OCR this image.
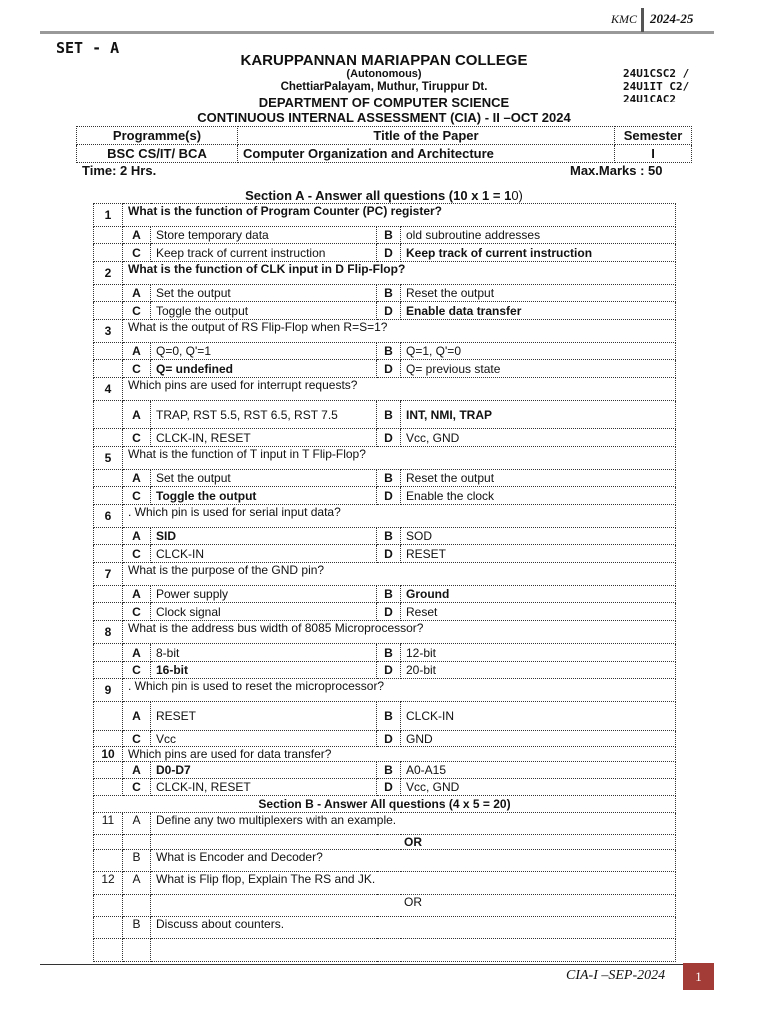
KMC 2024-25
SET - A
KARUPPANNAN MARIAPPAN COLLEGE
(Autonomous)
ChettiarPalayam, Muthur, Tiruppur Dt.
DEPARTMENT OF COMPUTER SCIENCE
CONTINUOUS INTERNAL ASSESSMENT (CIA) - II –OCT 2024
24U1CSC2 /
24U1IT C2/
24U1CAC2
Programme(s)	Title of the Paper	Semester
BSC CS/IT/ BCA	Computer Organization and Architecture	I
Time: 2 Hrs.	Max.Marks : 50
Section A - Answer all questions (10 x 1 = 10)
1	What is the function of Program Counter (PC) register?			
	A	Store temporary data	B	old subroutine addresses
	C	Keep track of current instruction	D	Keep track of current instruction
2	What is the function of CLK input in D Flip-Flop?			
	A	Set the output	B	Reset the output
	C	Toggle the output	D	Enable data transfer
3	What is the output of RS Flip-Flop when R=S=1?			
	A	Q=0, Q'=1	B	Q=1, Q'=0
	C	Q= undefined	D	Q= previous state
4	Which pins are used for interrupt requests?			
	A	TRAP, RST 5.5, RST 6.5, RST 7.5	B	INT, NMI, TRAP
	C	CLCK-IN, RESET	D	Vcc, GND
5	What is the function of T input in T Flip-Flop?			
	A	Set the output	B	Reset the output
	C	Toggle the output	D	Enable the clock
6	. Which pin is used for serial input data?			
	A	SID	B	SOD
	C	CLCK-IN	D	RESET
7	What is the purpose of the GND pin?			
	A	Power supply	B	Ground
	C	Clock signal	D	Reset
8	What is the address bus width of 8085 Microprocessor?			
	A	8-bit	B	12-bit
	C	16-bit	D	20-bit
9	. Which pin is used to reset the microprocessor?			
	A	RESET	B	CLCK-IN
	C	Vcc	D	GND
10	Which pins are used for data transfer?			
	A	D0-D7	B	A0-A15
	C	CLCK-IN, RESET	D	Vcc, GND
Section B - Answer All questions (4 x 5 = 20)				
11	A	Define any two multiplexers with an example.		
		OR		
	B	What is Encoder and Decoder?		
12	A	What is Flip flop, Explain The RS and JK.		
		OR		
	B	Discuss about counters.		

CIA-I –SEP-2024	1
